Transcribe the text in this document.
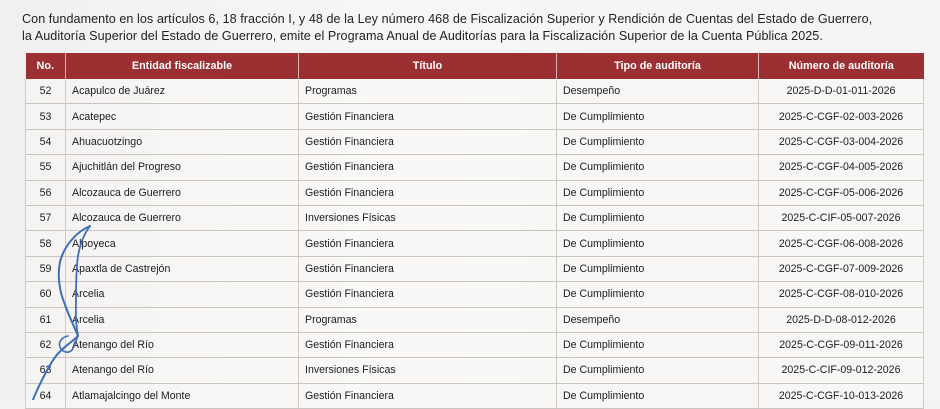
Con fundamento en los artículos 6, 18 fracción I, y 48 de la Ley número 468 de Fiscalización Superior y Rendición de Cuentas del Estado de Guerrero,

la Auditoría Superior del Estado de Guerrero, emite el Programa Anual de Auditorías para la Fiscalización Superior de la Cuenta Pública 2025.

No.	Entidad fiscalizable	Título	Tipo de auditoría	Número de auditoría
52	Acapulco de Juárez	Programas	Desempeño	2025-D-D-01-011-2026
53	Acatepec	Gestión Financiera	De Cumplimiento	2025-C-CGF-02-003-2026
54	Ahuacuotzingo	Gestión Financiera	De Cumplimiento	2025-C-CGF-03-004-2026
55	Ajuchitlán del Progreso	Gestión Financiera	De Cumplimiento	2025-C-CGF-04-005-2026
56	Alcozauca de Guerrero	Gestión Financiera	De Cumplimiento	2025-C-CGF-05-006-2026
57	Alcozauca de Guerrero	Inversiones Físicas	De Cumplimiento	2025-C-CIF-05-007-2026
58	Alpoyeca	Gestión Financiera	De Cumplimiento	2025-C-CGF-06-008-2026
59	Apaxtla de Castrejón	Gestión Financiera	De Cumplimiento	2025-C-CGF-07-009-2026
60	Arcelia	Gestión Financiera	De Cumplimiento	2025-C-CGF-08-010-2026
61	Arcelia	Programas	Desempeño	2025-D-D-08-012-2026
62	Atenango del Río	Gestión Financiera	De Cumplimiento	2025-C-CGF-09-011-2026
63	Atenango del Río	Inversiones Físicas	De Cumplimiento	2025-C-CIF-09-012-2026
64	Atlamajalcingo del Monte	Gestión Financiera	De Cumplimiento	2025-C-CGF-10-013-2026
